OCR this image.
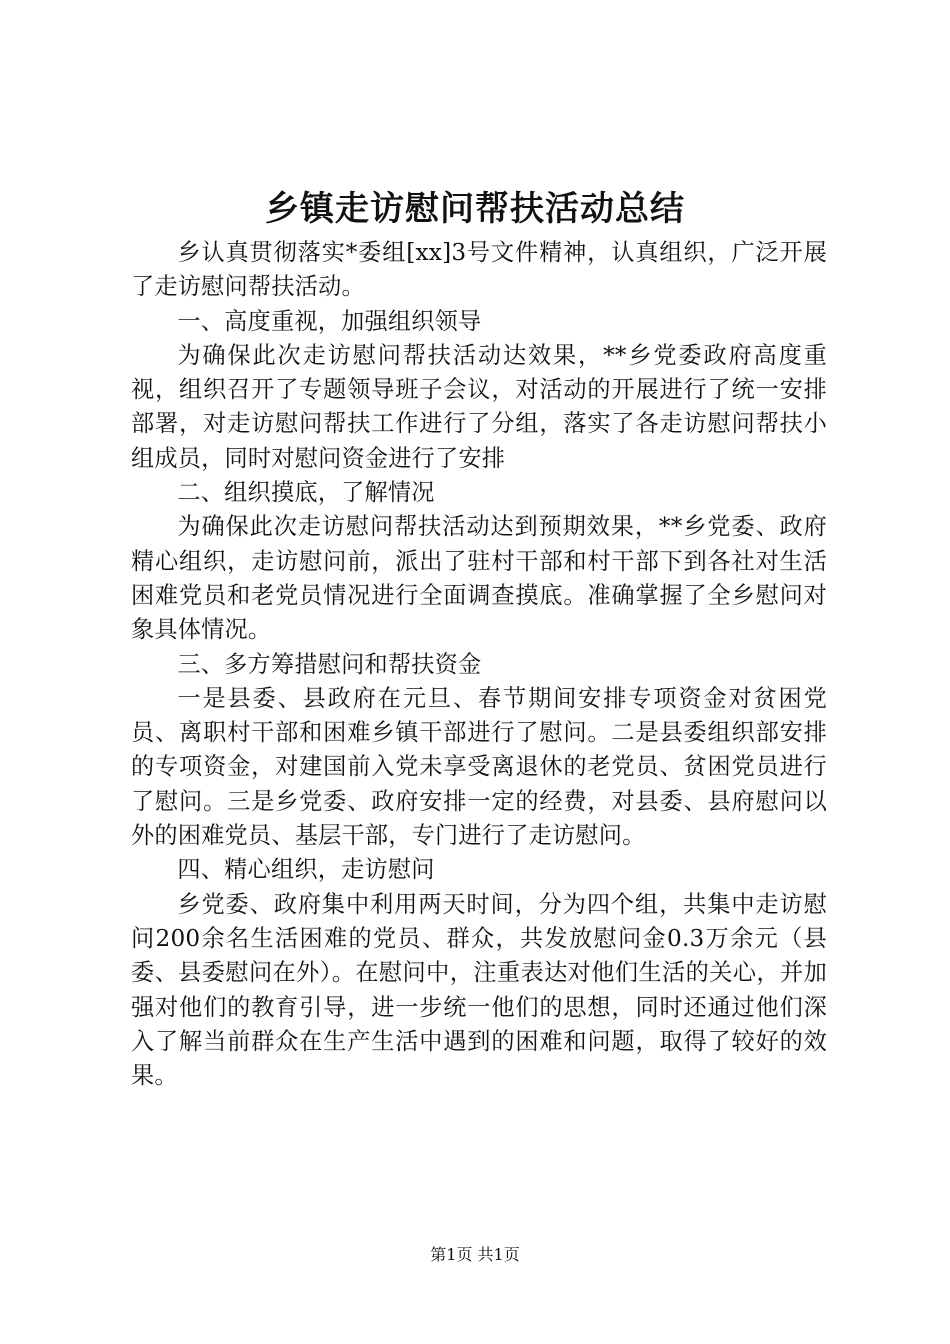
乡镇走访慰问帮扶活动总结

乡认真贯彻落实*委组[xx]3号文件精神，认真组织，广泛开展了走访慰问帮扶活动。

一、高度重视，加强组织领导

为确保此次走访慰问帮扶活动达效果，**乡党委政府高度重视，组织召开了专题领导班子会议，对活动的开展进行了统一安排部署，对走访慰问帮扶工作进行了分组，落实了各走访慰问帮扶小组成员，同时对慰问资金进行了安排

二、组织摸底，了解情况

为确保此次走访慰问帮扶活动达到预期效果，**乡党委、政府精心组织，走访慰问前，派出了驻村干部和村干部下到各社对生活困难党员和老党员情况进行全面调查摸底。准确掌握了全乡慰问对象具体情况。

三、多方筹措慰问和帮扶资金

一是县委、县政府在元旦、春节期间安排专项资金对贫困党员、离职村干部和困难乡镇干部进行了慰问。二是县委组织部安排的专项资金，对建国前入党未享受离退休的老党员、贫困党员进行了慰问。三是乡党委、政府安排一定的经费，对县委、县府慰问以外的困难党员、基层干部，专门进行了走访慰问。

四、精心组织，走访慰问

乡党委、政府集中利用两天时间，分为四个组，共集中走访慰问200余名生活困难的党员、群众，共发放慰问金0.3万余元（县委、县委慰问在外）。在慰问中，注重表达对他们生活的关心，并加强对他们的教育引导，进一步统一他们的思想，同时还通过他们深入了解当前群众在生产生活中遇到的困难和问题，取得了较好的效果。

第1页 共1页
